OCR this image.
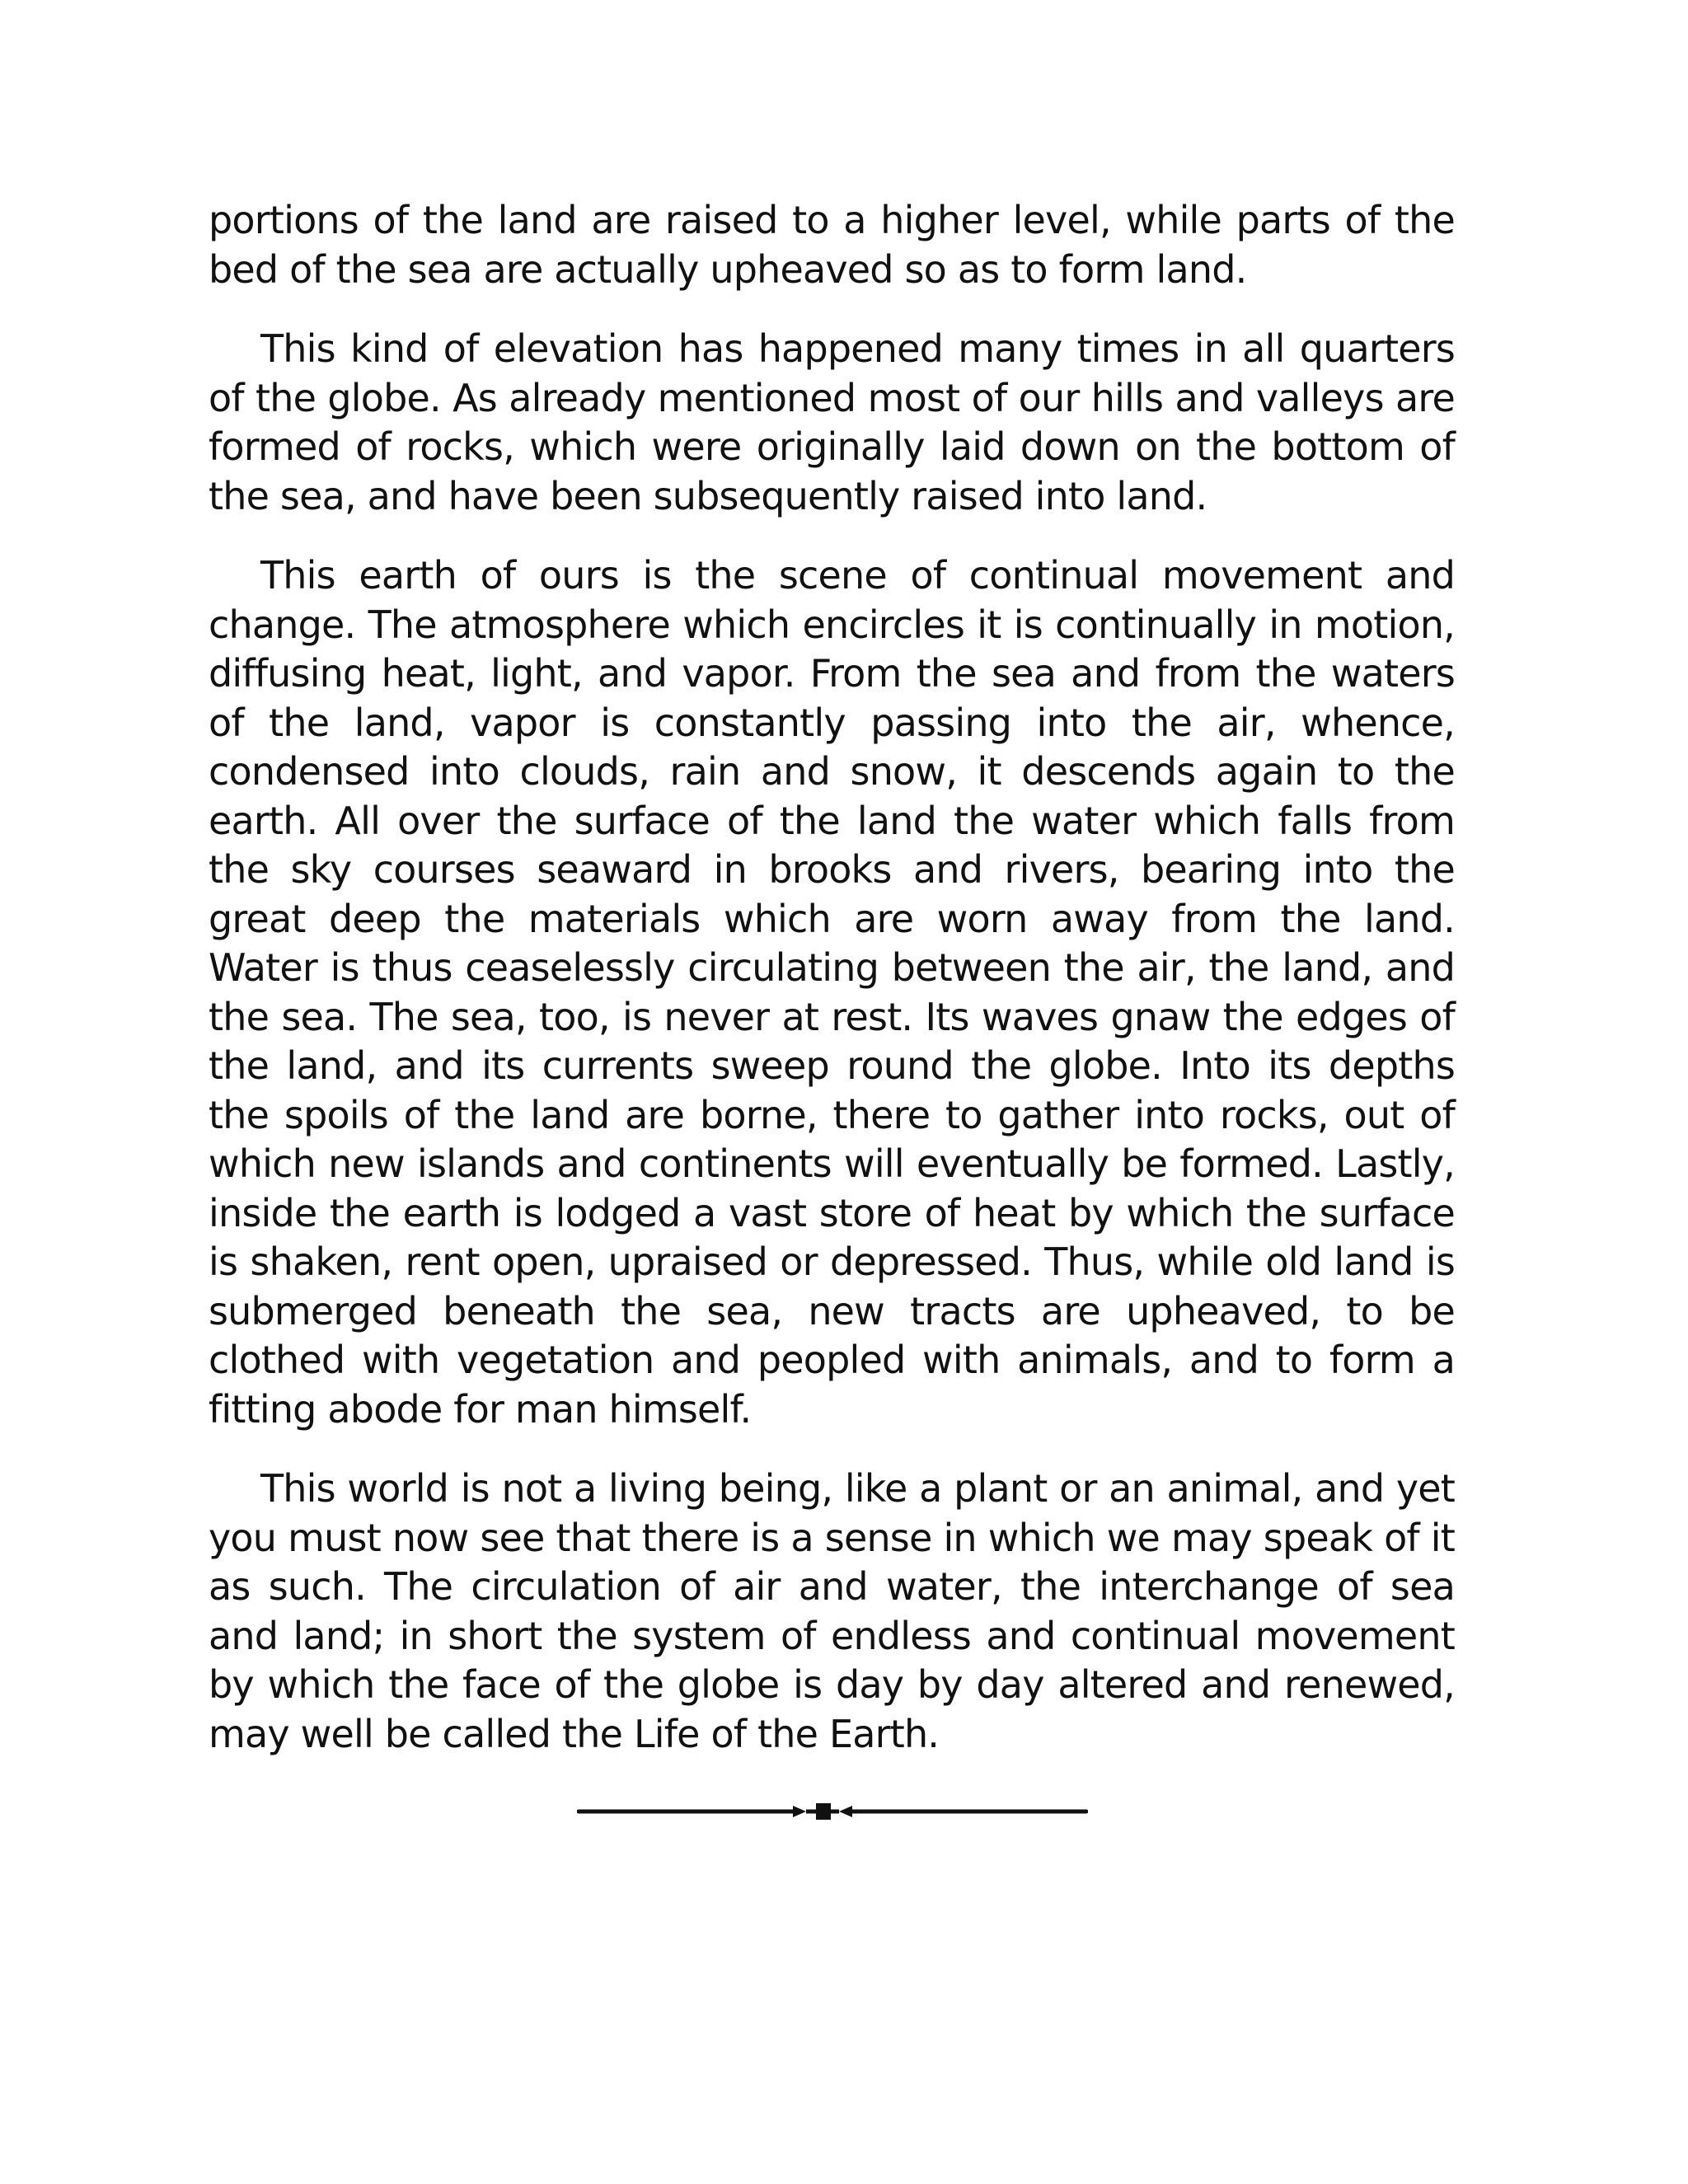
portions of the land are raised to a higher level, while parts of the bed of the sea are actually upheaved so as to form land.

This kind of elevation has happened many times in all quarters of the globe. As already mentioned most of our hills and valleys are formed of rocks, which were originally laid down on the bottom of the sea, and have been subsequently raised into land.

This earth of ours is the scene of continual movement and change. The atmosphere which encircles it is continually in motion, diffusing heat, light, and vapor. From the sea and from the waters of the land, vapor is constantly passing into the air, whence, condensed into clouds, rain and snow, it descends again to the earth. All over the surface of the land the water which falls from the sky courses seaward in brooks and rivers, bearing into the great deep the materials which are worn away from the land. Water is thus ceaselessly circulating between the air, the land, and the sea. The sea, too, is never at rest. Its waves gnaw the edges of the land, and its currents sweep round the globe. Into its depths the spoils of the land are borne, there to gather into rocks, out of which new islands and continents will eventually be formed. Lastly, inside the earth is lodged a vast store of heat by which the surface is shaken, rent open, upraised or depressed. Thus, while old land is submerged beneath the sea, new tracts are upheaved, to be clothed with vegetation and peopled with animals, and to form a fitting abode for man himself.

This world is not a living being, like a plant or an animal, and yet you must now see that there is a sense in which we may speak of it as such. The circulation of air and water, the interchange of sea and land; in short the system of endless and continual movement by which the face of the globe is day by day altered and renewed, may well be called the Life of the Earth.
